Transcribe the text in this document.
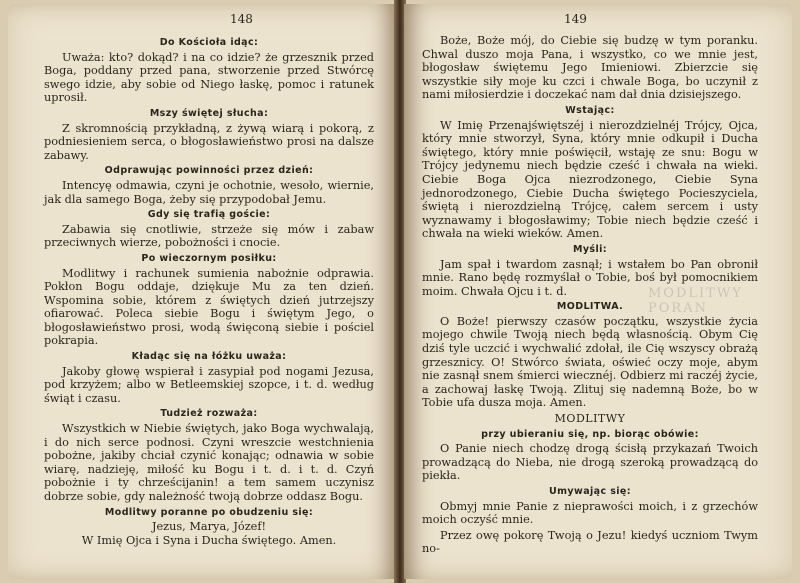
148
Do Kościoła idąc:
Uważa: kto? dokąd? i na co idzie? że grzesznik przed Boga, poddany przed pana, stworzenie przed Stwórcę swego idzie, aby sobie od Niego łaskę, pomoc i ratunek uprosił.
Mszy świętej słucha:
Z skromnością przykładną, z żywą wiarą i pokorą, z podniesieniem serca, o błogosławieństwo prosi na dalsze zabawy.
Odprawując powinności przez dzień:
Intencyę odmawia, czyni je ochotnie, wesoło, wiernie, jak dla samego Boga, żeby się przypodobał Jemu.
Gdy się trafią goście:
Zabawia się cnotliwie, strzeże się mów i zabaw przeciwnych wierze, pobożności i cnocie.
Po wieczornym posiłku:
Modlitwy i rachunek sumienia nabożnie odprawia. Pokłon Bogu oddaje, dziękuje Mu za ten dzień. Wspomina sobie, którem z świętych dzień jutrzejszy ofiarować. Poleca siebie Bogu i świętym Jego, o błogosławieństwo prosi, wodą święconą siebie i pościel pokrapia.
Kładąc się na łóżku uważa:
Jakoby głowę wspierał i zasypiał pod nogami Jezusa, pod krzyżem; albo w Betleemskiej szopce, i t. d. według świąt i czasu.
Tudzież rozważa:
Wszystkich w Niebie świętych, jako Boga wychwalają, i do nich serce podnosi. Czyni wreszcie westchnienia pobożne, jakiby chciał czynić konając; odnawia w sobie wiarę, nadzieję, miłość ku Bogu i t. d. i t. d. Czyń pobożnie i ty chrześcijanin! a tem samem uczynisz dobrze sobie, gdy należność twoją dobrze oddasz Bogu.
Modlitwy poranne po obudzeniu się:
Jezus, Marya, Józef!
W Imię Ojca i Syna i Ducha świętego. Amen.
149
MODLITWY PORAN
Boże, Boże mój, do Ciebie się budzę w tym poranku. Chwal duszo moja Pana, i wszystko, co we mnie jest, błogosław świętemu Jego Imieniowi. Zbierzcie się wszystkie siły moje ku czci i chwale Boga, bo uczynił z nami miłosierdzie i doczekać nam dał dnia dzisiejszego.
Wstając:
W Imię Przenajświętszéj i nierozdzielnéj Trójcy, Ojca, który mnie stworzył, Syna, który mnie odkupił i Ducha świętego, który mnie poświęcił, wstaję ze snu: Bogu w Trójcy jedynemu niech będzie cześć i chwała na wieki. Ciebie Boga Ojca niezrodzonego, Ciebie Syna jednorodzonego, Ciebie Ducha świętego Pocieszyciela, świętą i nierozdzielną Trójcę, całem sercem i usty wyznawamy i błogosławimy; Tobie niech będzie cześć i chwała na wieki wieków. Amen.
Myśli:
Jam spał i twardom zasnął; i wstałem bo Pan obronił mnie. Rano będę rozmyślał o Tobie, boś był pomocnikiem moim. Chwała Ojcu i t. d.
MODLITWA.
O Boże! pierwszy czasów początku, wszystkie życia mojego chwile Twoją niech będą własnością. Obym Cię dziś tyle uczcić i wychwalić zdołał, ile Cię wszyscy obrażą grzesznicy. O! Stwórco świata, oświeć oczy moje, abym nie zasnął snem śmierci wiecznéj. Odbierz mi raczéj życie, a zachowaj łaskę Twoją. Zlituj się nademną Boże, bo w Tobie ufa dusza moja. Amen.
MODLITWY
przy ubieraniu się, np. biorąc obówie:
O Panie niech chodzę drogą ścisłą przykazań Twoich prowadzącą do Nieba, nie drogą szeroką prowadzącą do piekła.
Umywając się:
Obmyj mnie Panie z nieprawości moich, i z grzechów moich oczyść mnie.
Przez owę pokorę Twoją o Jezu! kiedyś uczniom Twym no-
